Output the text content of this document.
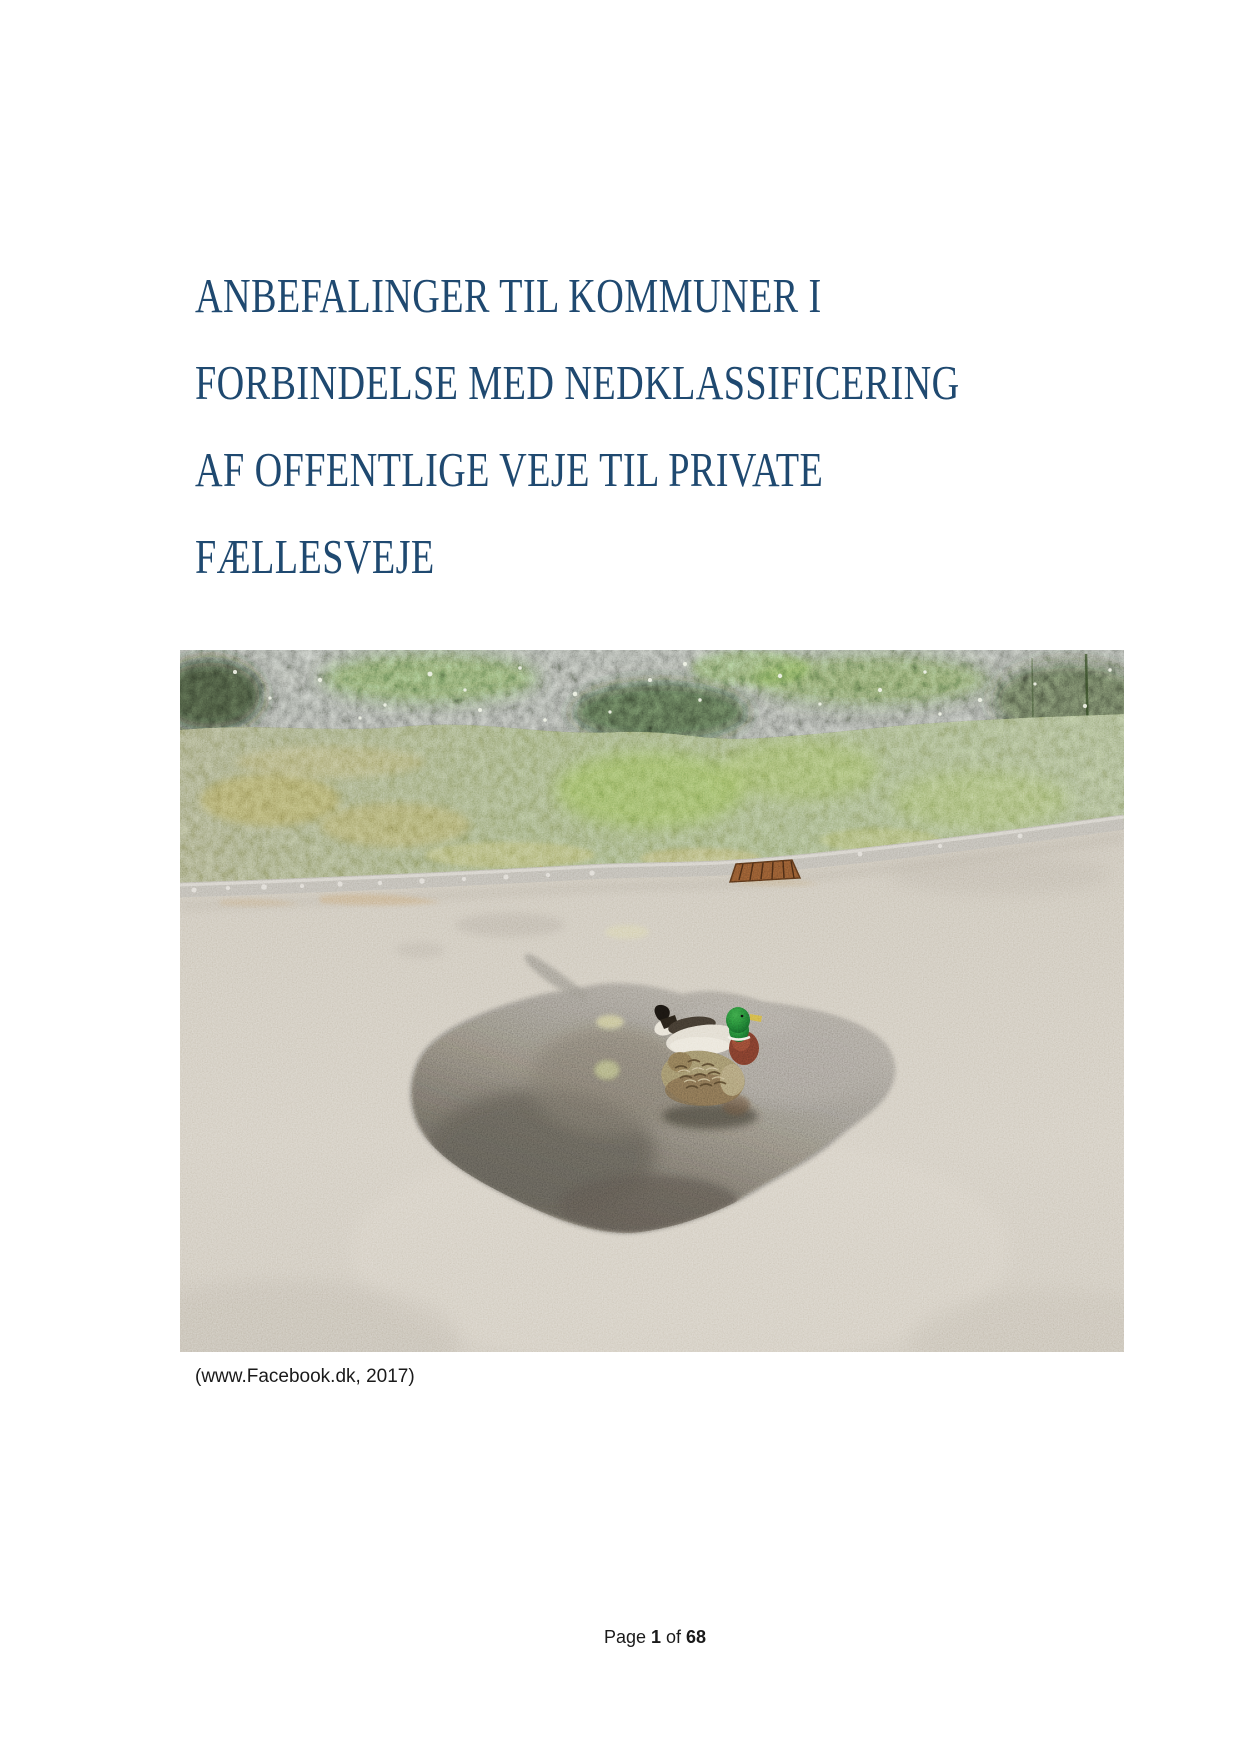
ANBEFALINGER TIL KOMMUNER I
FORBINDELSE MED NEDKLASSIFICERING
AF OFFENTLIGE VEJE TIL PRIVATE
FÆLLESVEJE

(www.Facebook.dk, 2017)

Page 1 of 68
